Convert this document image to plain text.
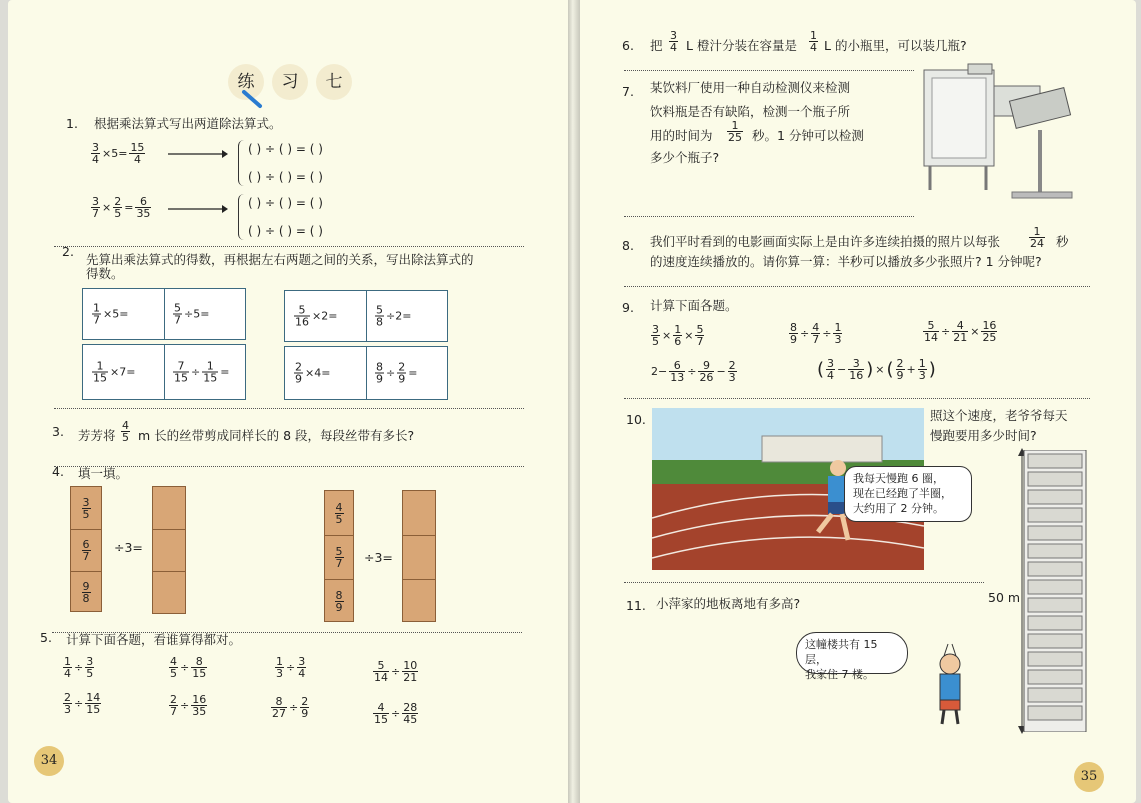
练	习	七
1. 根据乘法算式写出两道除法算式。
$\frac{3}{4} \times 5= \frac{15}{4}$	( ) ÷ ( ) = ( )
( ) ÷ ( ) = ( )
$\frac{3}{7} \times \frac{2}{5} = \frac{6}{35}$	( ) ÷ ( ) = ( )
( ) ÷ ( ) = ( )
2.
先算出乘法算式的得数，再根据左右两题之间的关系，写出除法算式的
得数。
$\frac{1}{7} \times 5=$	$\frac{5}{7} \div 5=$	$\frac{5}{16} \times 2=$	$\frac{5}{8} \div 2=$
$\frac{1}{15} \times 7=$	$\frac{7}{15} \div \frac{1}{15}$ =	$\frac{2}{9} \times 4=$	$\frac{8}{9} \div \frac{2}{9}$ =
3. 芳芳将 $\frac{4}{5}$ m 长的丝带剪成同样长的 8 段，每段丝带有多长?
4. 填一填。
$\frac{3}{5}$
$\frac{6}{7}$
$\frac{9}{8}$
÷3=
$\frac{4}{5}$
$\frac{5}{7}$
$\frac{8}{9}$
÷3=
5. 计算下面各题，看谁算得都对。
$\frac{1}{4} \div \frac{3}{5}$	$\frac{4}{5} \div \frac{8}{15}$	$\frac{1}{3} \div \frac{3}{4}$	$\frac{5}{14} \div \frac{10}{21}$
$\frac{2}{3} \div \frac{14}{15}$	$\frac{2}{7} \div \frac{16}{35}$	$\frac{8}{27} \div \frac{2}{9}$	$\frac{4}{15} \div \frac{28}{45}$
34
6. 把 $\frac{3}{4}$ L 橙汁分装在容量是 $\frac{1}{4}$ L 的小瓶里，可以装几瓶?
7. 某饮料厂使用一种自动检测仪来检测
饮料瓶是否有缺陷，检测一个瓶子所
用的时间为 $\frac{1}{25}$ 秒。1 分钟可以检测
多少个瓶子?
8. 我们平时看到的电影画面实际上是由许多连续拍摄的照片以每张	$\frac{1}{24}$ 秒
的速度连续播放的。请你算一算：半秒可以播放多少张照片? 1 分钟呢?
9. 计算下面各题。
$\frac{3}{5} \times \frac{1}{6} \times \frac{5}{7}$	$\frac{8}{9} \div \frac{4}{7} \div \frac{1}{3}$	$\frac{5}{14} \div \frac{4}{21} \times \frac{16}{25}$
$2- \frac{6}{13} \div \frac{9}{26} - \frac{2}{3}$	( $\frac{3}{4} - \frac{3}{16}$ ) × ( $\frac{2}{9} + \frac{1}{3}$ )
10.
我每天慢跑 6 圈，
现在已经跑了半圈，
大约用了 2 分钟。
照这个速度，老爷爷每天
慢跑要用多少时间?
11. 小萍家的地板离地有多高?
这幢楼共有 15 层，
我家住 7 楼。
50 m
35
